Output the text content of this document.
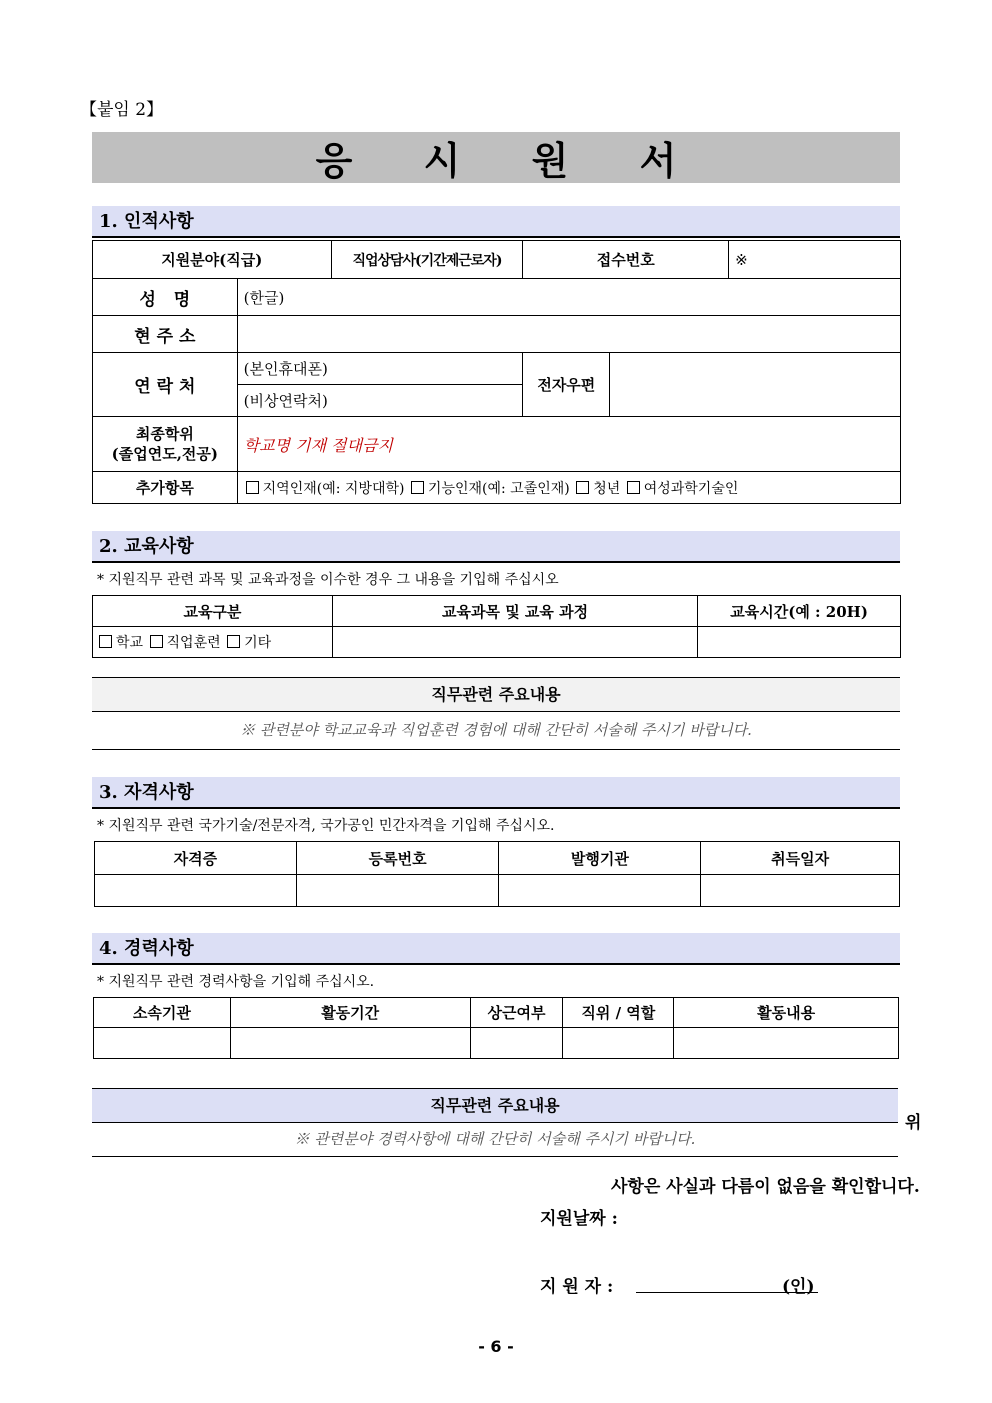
【붙임 2】
응	시	원	서
1. 인적사항
지원분야(직급)		직업상담사(기간제근로자)	접수번호		※
성   명	(한글)				
현 주 소					
연 락 처	(본인휴대폰)		전자우편		
	(비상연락처)				

최종학위
(졸업연도,전공)	학교명 기재 절대금지				
추가항목	지역인재(예: 지방대학) 기능인재(예: 고졸인재) 청년 여성과학기술인				
2. 교육사항
* 지원직무 관련 과목 및 교육과정을 이수한 경우 그 내용을 기입해 주십시오
교육구분	교육과목 및 교육 과정	교육시간(예 : 20H)
학교 직업훈련 기타		
직무관련 주요내용
※ 관련분야 학교교육과 직업훈련 경험에 대해 간단히 서술해 주시기 바랍니다.
3. 자격사항
* 지원직무 관련 국가기술/전문자격, 국가공인 민간자격을 기입해 주십시오.
자격증	등록번호	발행기관	취득일자

4. 경력사항
* 지원직무 관련 경력사항을 기입해 주십시오.
소속기관	활동기간	상근여부	직위 / 역할	활동내용

직무관련 주요내용
※ 관련분야 경력사항에 대해 간단히 서술해 주시기 바랍니다.
위
사항은 사실과 다름이 없음을 확인합니다.
지원날짜 :
지 원 자 :	(인)
- 6 -
